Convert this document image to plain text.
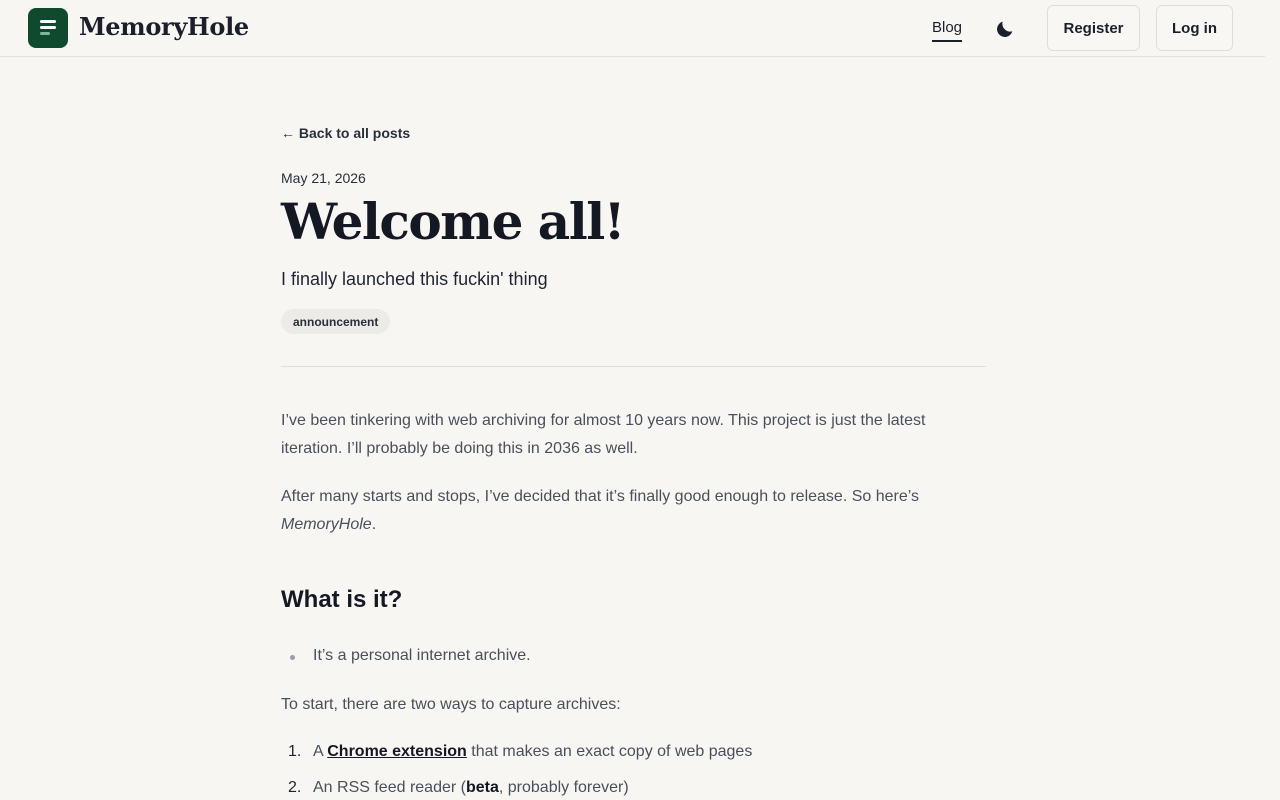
MemoryHole	Blog	Register	Log in
← Back to all posts
May 21, 2026
Welcome all!
I finally launched this fuckin' thing
announcement

I’ve been tinkering with web archiving for almost 10 years now. This project is just the latest iteration. I’ll probably be doing this in 2036 as well.

After many starts and stops, I’ve decided that it’s finally good enough to release. So here’s MemoryHole.

What is it?
It’s a personal internet archive.

To start, there are two ways to capture archives:

1. A Chrome extension that makes an exact copy of web pages
2. An RSS feed reader (beta, probably forever)
